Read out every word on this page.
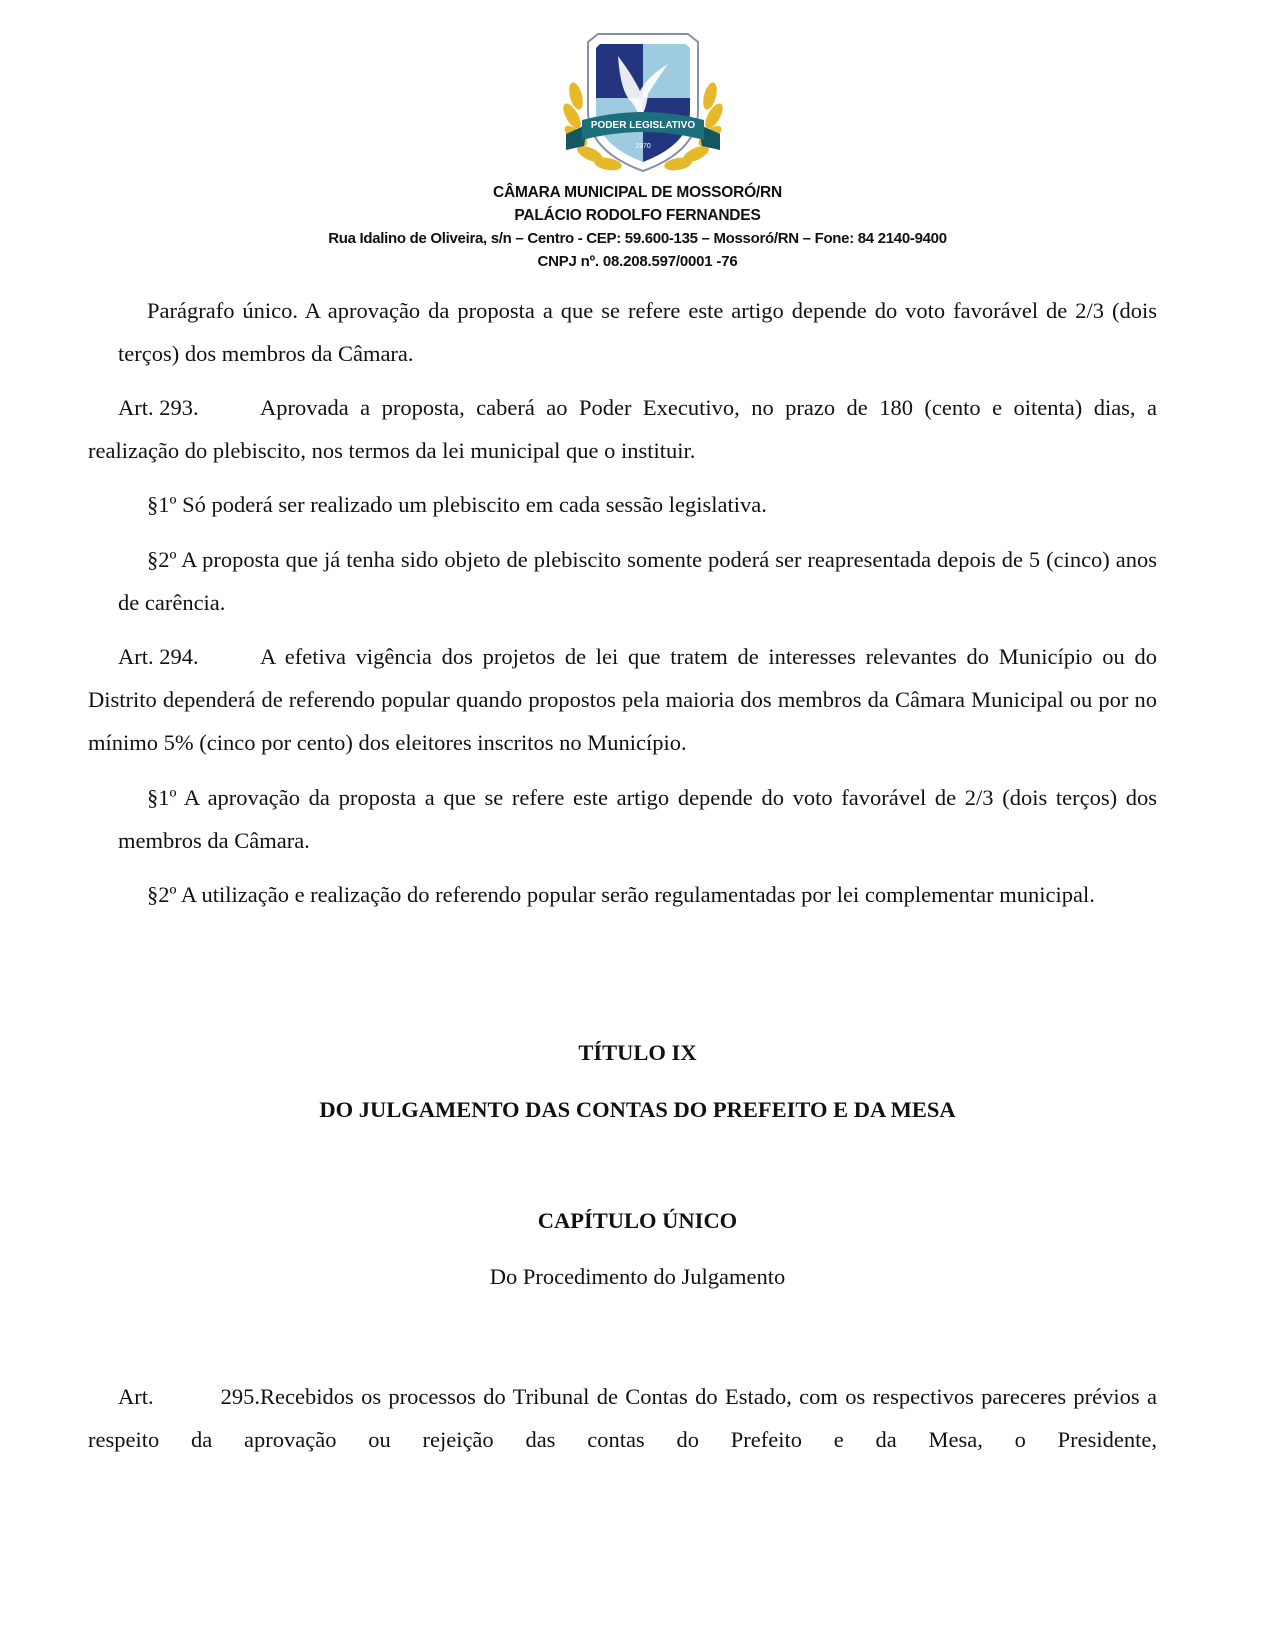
PODER LEGISLATIVO
1970
CÂMARA MUNICIPAL DE MOSSORÓ/RN
PALÁCIO RODOLFO FERNANDES
Rua Idalino de Oliveira, s/n – Centro - CEP: 59.600-135 – Mossoró/RN – Fone: 84 2140-9400
CNPJ nº. 08.208.597/0001 -76

Parágrafo único. A aprovação da proposta a que se refere este artigo depende do voto favorável de 2/3 (dois terços) dos membros da Câmara.

Art. 293.	Aprovada a proposta, caberá ao Poder Executivo, no prazo de 180 (cento e oitenta) dias, a realização do plebiscito, nos termos da lei municipal que o instituir.

§1º Só poderá ser realizado um plebiscito em cada sessão legislativa.

§2º A proposta que já tenha sido objeto de plebiscito somente poderá ser reapresentada depois de 5 (cinco) anos de carência.

Art. 294.	A efetiva vigência dos projetos de lei que tratem de interesses relevantes do Município ou do Distrito dependerá de referendo popular quando propostos pela maioria dos membros da Câmara Municipal ou por no mínimo 5% (cinco por cento) dos eleitores inscritos no Município.

§1º A aprovação da proposta a que se refere este artigo depende do voto favorável de 2/3 (dois terços) dos membros da Câmara.

§2º A utilização e realização do referendo popular serão regulamentadas por lei complementar municipal.

TÍTULO IX
DO JULGAMENTO DAS CONTAS DO PREFEITO E DA MESA
CAPÍTULO ÚNICO
Do Procedimento do Julgamento

Art. 295.Recebidos os processos do Tribunal de Contas do Estado, com os respectivos pareceres prévios a respeito da aprovação ou rejeição das contas do Prefeito e da Mesa, o Presidente,
